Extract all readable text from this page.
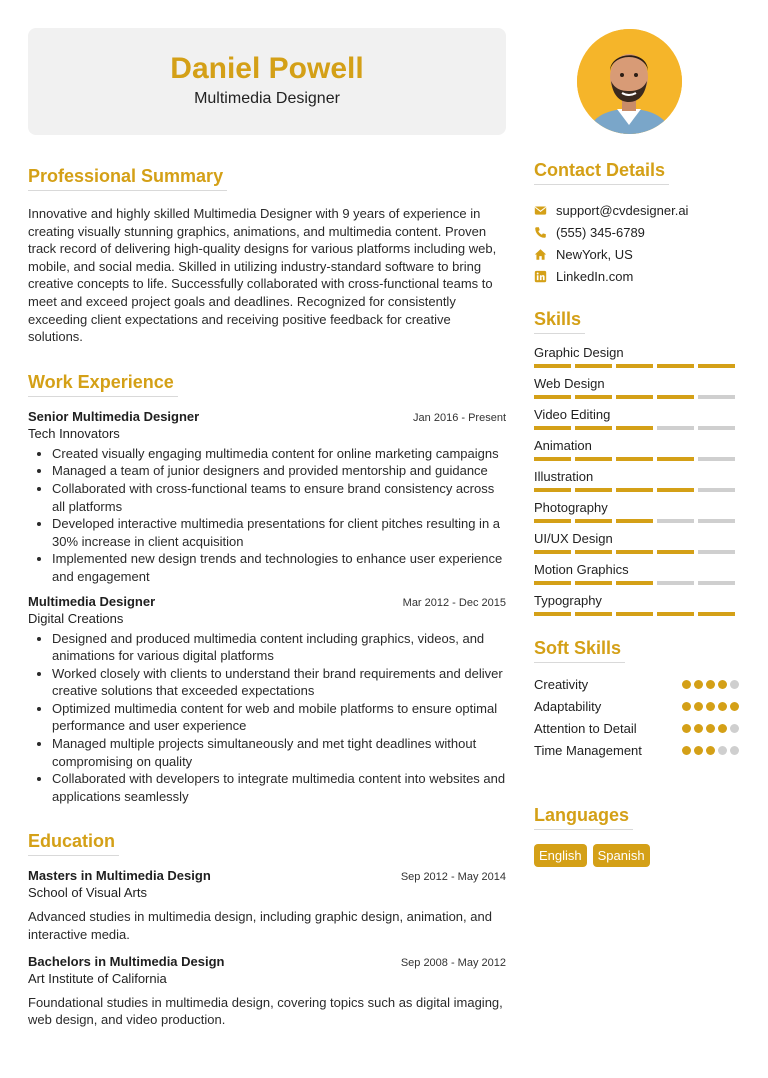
Daniel Powell
Multimedia Designer
Professional Summary

Innovative and highly skilled Multimedia Designer with 9 years of experience in creating visually stunning graphics, animations, and multimedia content. Proven track record of delivering high-quality designs for various platforms including web, mobile, and social media. Skilled in utilizing industry-standard software to bring creative concepts to life. Successfully collaborated with cross-functional teams to meet and exceed project goals and deadlines. Recognized for consistently exceeding client expectations and receiving positive feedback for creative solutions.

Work Experience
Senior Multimedia Designer	Jan 2016 - Present
Tech Innovators
• Created visually engaging multimedia content for online marketing campaigns
• Managed a team of junior designers and provided mentorship and guidance
• Collaborated with cross-functional teams to ensure brand consistency across all platforms
• Developed interactive multimedia presentations for client pitches resulting in a 30% increase in client acquisition
• Implemented new design trends and technologies to enhance user experience and engagement
Multimedia Designer	Mar 2012 - Dec 2015
Digital Creations
• Designed and produced multimedia content including graphics, videos, and animations for various digital platforms
• Worked closely with clients to understand their brand requirements and deliver creative solutions that exceeded expectations
• Optimized multimedia content for web and mobile platforms to ensure optimal performance and user experience
• Managed multiple projects simultaneously and met tight deadlines without compromising on quality
• Collaborated with developers to integrate multimedia content into websites and applications seamlessly
Education
Masters in Multimedia Design	Sep 2012 - May 2014
School of Visual Arts
Advanced studies in multimedia design, including graphic design, animation, and interactive media.
Bachelors in Multimedia Design	Sep 2008 - May 2012
Art Institute of California
Foundational studies in multimedia design, covering topics such as digital imaging, web design, and video production.
Contact Details
support@cvdesigner.ai
(555) 345-6789
NewYork, US
LinkedIn.com
Skills
Graphic Design
Web Design
Video Editing
Animation
Illustration
Photography
UI/UX Design
Motion Graphics
Typography
Soft Skills
Creativity
Adaptability
Attention to Detail
Time Management
Languages
English	Spanish
